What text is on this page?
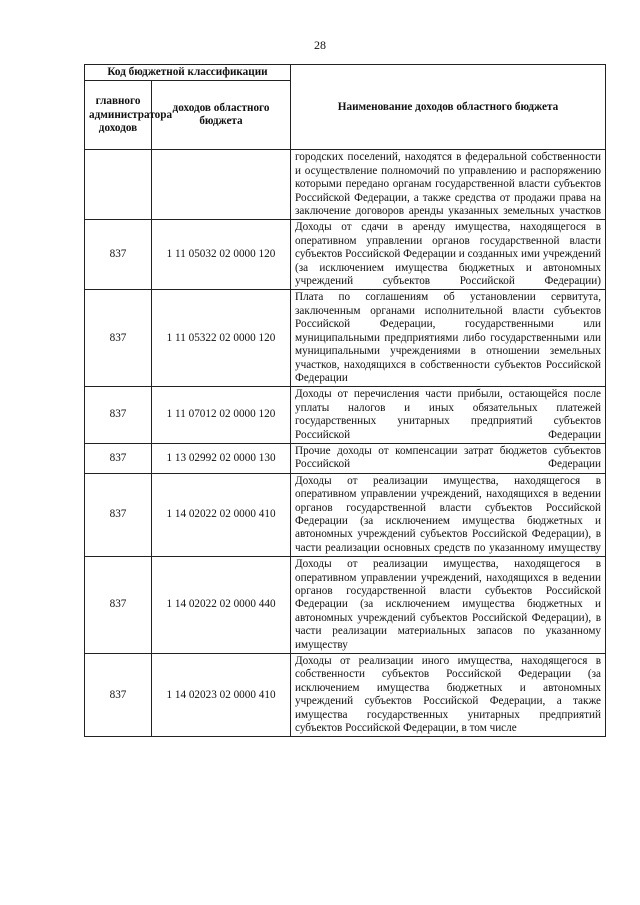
28
Код бюджетной классификации		Наименование доходов областного бюджета
главного администратора доходов	доходов областного бюджета	
		городских поселений, находятся в федеральной собственности и осуществление полномочий по управлению и распоряжению которыми передано органам государственной власти субъектов Российской Федерации, а также средства от продажи права на заключение договоров аренды указанных земельных участков
837	1 11 05032 02 0000 120	Доходы от сдачи в аренду имущества, находящегося в оперативном управлении органов государственной власти субъектов Российской Федерации и созданных ими учреждений (за исключением имущества бюджетных и автономных учреждений субъектов Российской Федерации)
837	1 11 05322 02 0000 120	Плата по соглашениям об установлении сервитута, заключенным органами исполнительной власти субъектов Российской Федерации, государственными или муниципальными предприятиями либо государственными или муниципальными учреждениями в отношении земельных участков, находящихся в собственности субъектов Российской Федерации
837	1 11 07012 02 0000 120	Доходы от перечисления части прибыли, остающейся после уплаты налогов и иных обязательных платежей государственных унитарных предприятий субъектов Российской Федерации
837	1 13 02992 02 0000 130	Прочие доходы от компенсации затрат бюджетов субъектов Российской Федерации
837	1 14 02022 02 0000 410	Доходы от реализации имущества, находящегося в оперативном управлении учреждений, находящихся в ведении органов государственной власти субъектов Российской Федерации (за исключением имущества бюджетных и автономных учреждений субъектов Российской Федерации), в части реализации основных средств по указанному имуществу
837	1 14 02022 02 0000 440	Доходы от реализации имущества, находящегося в оперативном управлении учреждений, находящихся в ведении органов государственной власти субъектов Российской Федерации (за исключением имущества бюджетных и автономных учреждений субъектов Российской Федерации), в части реализации материальных запасов по указанному имуществу
837	1 14 02023 02 0000 410	Доходы от реализации иного имущества, находящегося в собственности субъектов Российской Федерации (за исключением имущества бюджетных и автономных учреждений субъектов Российской Федерации, а также имущества государственных унитарных предприятий субъектов Российской Федерации, в том числе
